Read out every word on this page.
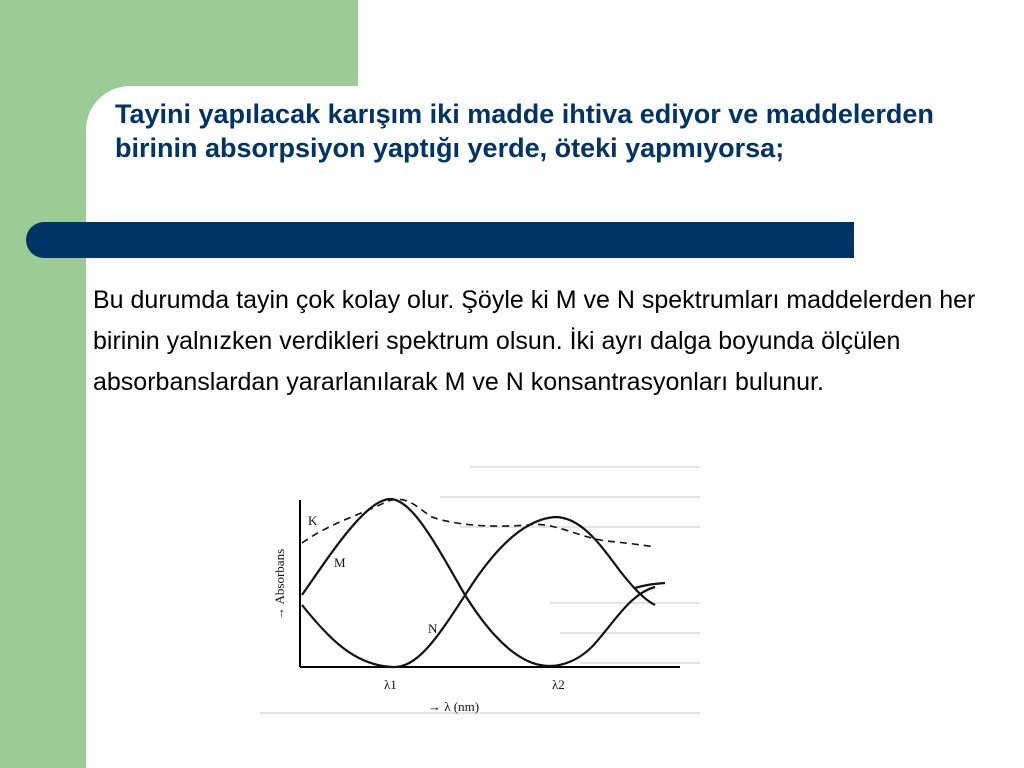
Tayini yapılacak karışım iki madde ihtiva ediyor ve maddelerden birinin absorpsiyon yaptığı yerde, öteki yapmıyorsa;

Bu durumda tayin çok kolay olur. Şöyle ki M ve N spektrumları maddelerden her birinin yalnızken verdikleri spektrum olsun. İki ayrı dalga boyunda ölçülen absorbanslardan yararlanılarak M ve N konsantrasyonları bulunur.

K
M
N
λ1	λ2
→ λ (nm)
→ Absorbans
